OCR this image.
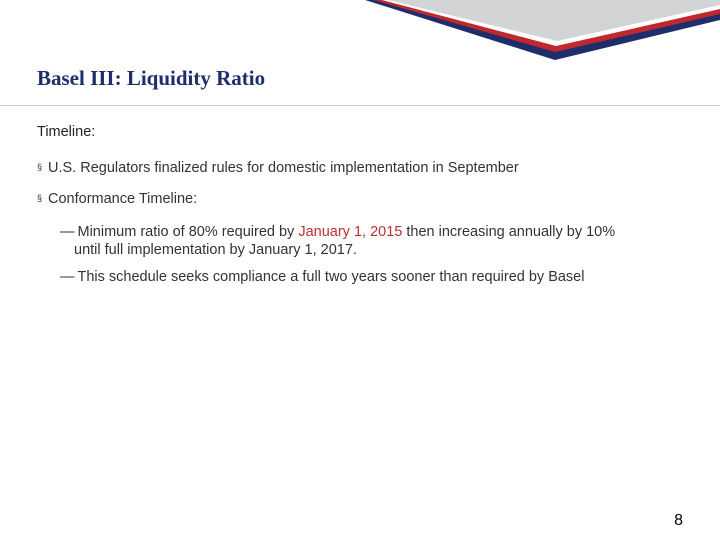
Basel III: Liquidity Ratio
Timeline:
§ U.S. Regulators finalized rules for domestic implementation in September
§ Conformance Timeline:
— Minimum ratio of 80% required by January 1, 2015 then increasing annually by 10%
until full implementation by January 1, 2017.
— This schedule seeks compliance a full two years sooner than required by Basel
8
